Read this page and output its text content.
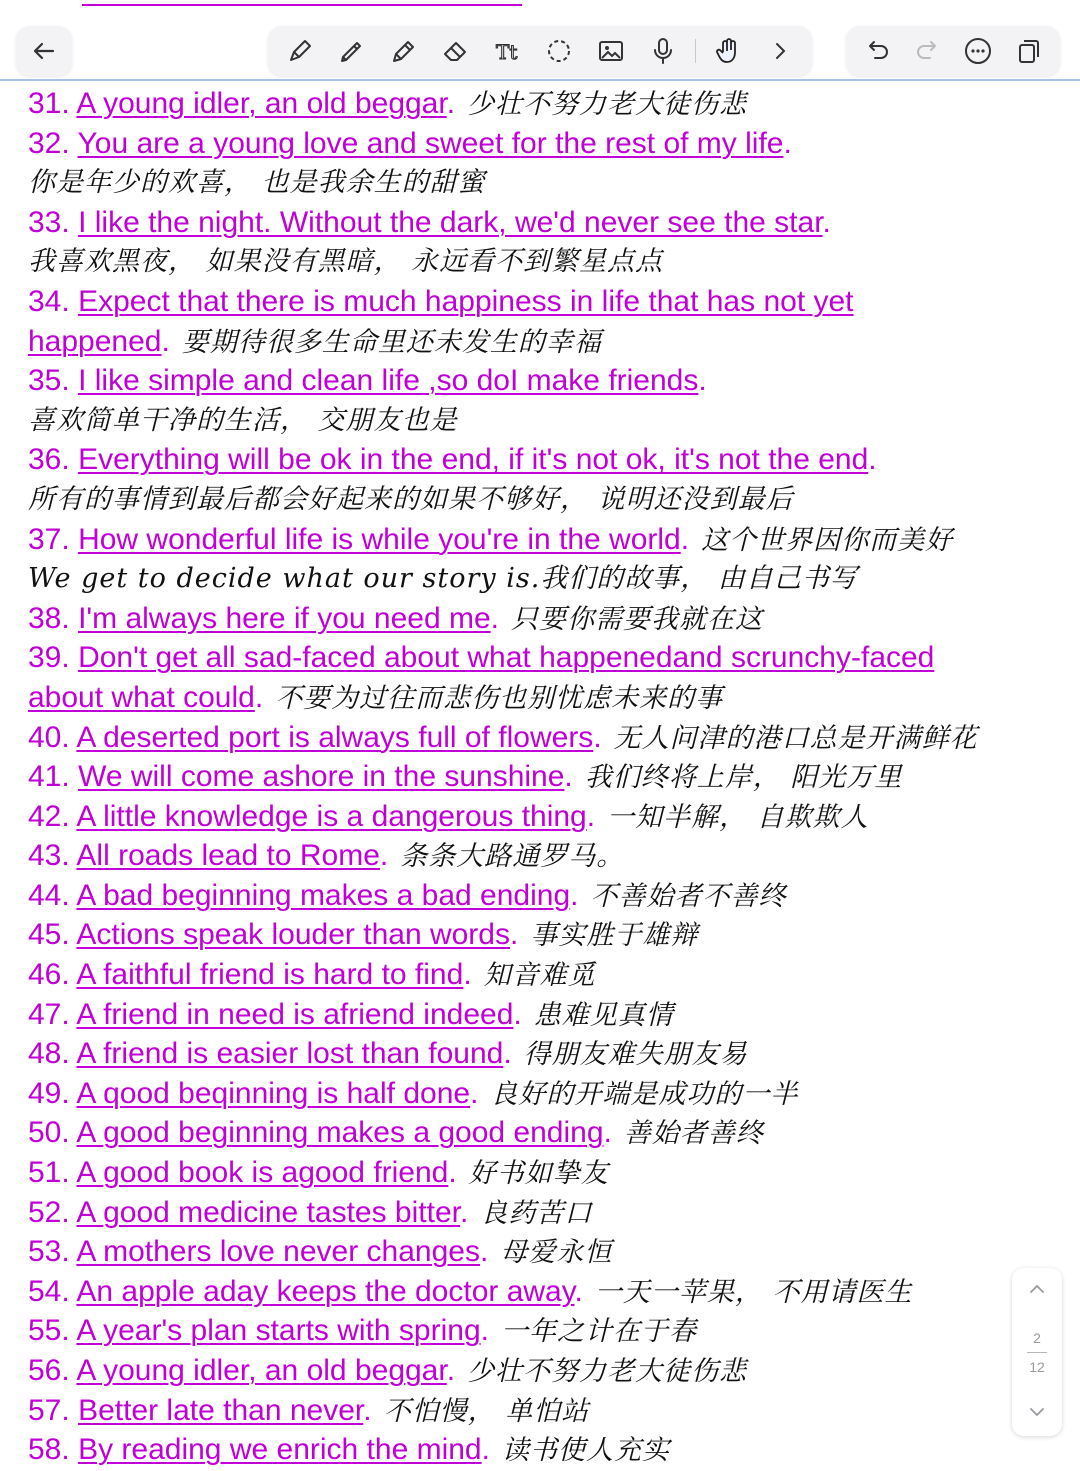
Tt
31. A young idler, an old beggar. 少壮不努力老大徒伤悲
32. You are a young love and sweet for the rest of my life.
你是年少的欢喜， 也是我余生的甜蜜
33. I like the night. Without the dark, we'd never see the star.
我喜欢黑夜， 如果没有黑暗， 永远看不到繁星点点
34. Expect that there is much happiness in life that has not yet
happened. 要期待很多生命里还未发生的幸福
35. I like simple and clean life ,so doI make friends.
喜欢简单干净的生活， 交朋友也是
36. Everything will be ok in the end, if it's not ok, it's not the end.
所有的事情到最后都会好起来的如果不够好， 说明还没到最后
37. How wonderful life is while you're in the world. 这个世界因你而美好
We get to decide what our story is.我们的故事， 由自己书写
38. I'm always here if you need me. 只要你需要我就在这
39. Don't get all sad-faced about what happenedand scrunchy-faced
about what could. 不要为过往而悲伤也别忧虑未来的事
40. A deserted port is always full of flowers. 无人问津的港口总是开满鲜花
41. We will come ashore in the sunshine. 我们终将上岸， 阳光万里
42. A little knowledge is a dangerous thing. 一知半解， 自欺欺人
43. All roads lead to Rome. 条条大路通罗马。
44. A bad beginning makes a bad ending. 不善始者不善终
45. Actions speak louder than words. 事实胜于雄辩
46. A faithful friend is hard to find. 知音难觅
47. A friend in need is afriend indeed. 患难见真情
48. A friend is easier lost than found. 得朋友难失朋友易
49. A qood beqinning is half done. 良好的开端是成功的一半
50. A good beginning makes a good ending. 善始者善终
51. A good book is agood friend. 好书如挚友
52. A good medicine tastes bitter. 良药苦口
53. A mothers love never changes. 母爱永恒
54. An apple aday keeps the doctor away. 一天一苹果， 不用请医生
55. A year's plan starts with spring. 一年之计在于春
56. A young idler, an old beggar. 少壮不努力老大徒伤悲
57. Better late than never. 不怕慢， 单怕站
58. By reading we enrich the mind. 读书使人充实
2
12
